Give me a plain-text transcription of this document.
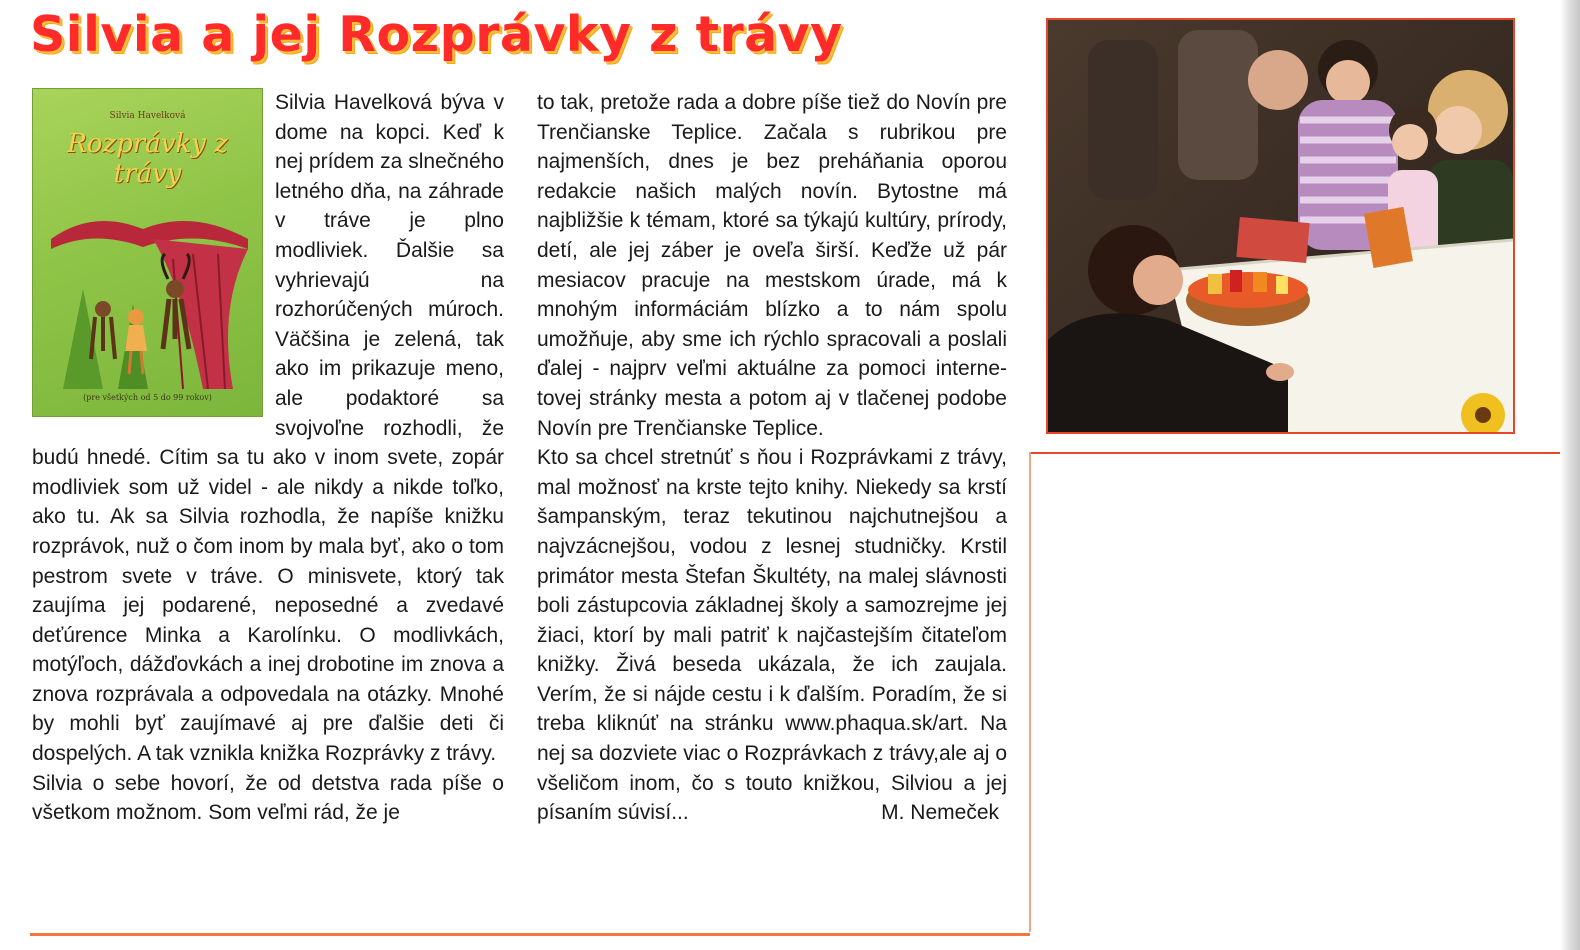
Silvia a jej Rozprávky z trávy
Silvia Havelková
Rozprávky z trávy
(pre všetkých od 5 do 99 rokov)

Silvia Havelková býva v dome na kopci. Keď k nej prídem za slnečného letného dňa, na záhrade v tráve je plno modliviek. Ďalšie sa vyhrievajú na rozhorúčených múroch. Väčšina je zelená, tak ako im prikazuje meno, ale podaktoré sa svojvoľne rozhodli, že budú hnedé. Cítim sa tu ako v inom svete, zopár modliviek som už videl - ale nikdy a nikde toľko, ako tu. Ak sa Silvia rozhodla, že napíše knižku rozprávok, nuž o čom inom by mala byť, ako o tom pestrom svete v tráve. O minisvete, ktorý tak zaujíma jej podarené, neposedné a zvedavé deťúrence Minka a Karolínku. O modlivkách, motýľoch, dážďovkách a inej drobotine im znova a znova rozprávala a odpovedala na otázky. Mnohé by mohli byť zaujímavé aj pre ďalšie deti či dospelých. A tak vznikla knižka Rozprávky z trávy.

Silvia o sebe hovorí, že od detstva rada píše o všetkom možnom. Som veľmi rád, že je

to tak, pretože rada a dobre píše tiež do Novín pre Trenčianske Teplice. Začala s rubrikou pre najmenších, dnes je bez preháňania oporou redakcie našich malých novín. Bytostne má najbližšie k témam, ktoré sa týkajú kultúry, prírody, detí, ale jej záber je oveľa širší. Keďže už pár mesiacov pracuje na mestskom úrade, má k mnohým informáciám blízko a to nám spolu umožňuje, aby sme ich rýchlo spracovali a poslali ďalej - najprv veľmi aktuálne za pomoci internetovej stránky mesta a potom aj v tlačenej podobe Novín pre Trenčianske Teplice.

Kto sa chcel stretnúť s ňou i Rozprávkami z trávy, mal možnosť na krste tejto knihy. Niekedy sa krstí šampanským, teraz tekutinou najchutnejšou a najvzácnejšou, vodou z lesnej studničky. Krstil primátor mesta Štefan Škultéty, na malej slávnosti boli zástupcovia základnej školy a samozrejme jej žiaci, ktorí by mali patriť k najčastejším čitateľom knižky. Živá beseda ukázala, že ich zaujala. Verím, že si nájde cestu i k ďalším. Poradím, že si treba kliknúť na stránku www.phaqua.sk/art. Na nej sa dozviete viac o Rozprávkach z trávy,ale aj o všeličom inom, čo s touto knižkou, Silviou a jej písaním súvisí...	M. Nemeček
